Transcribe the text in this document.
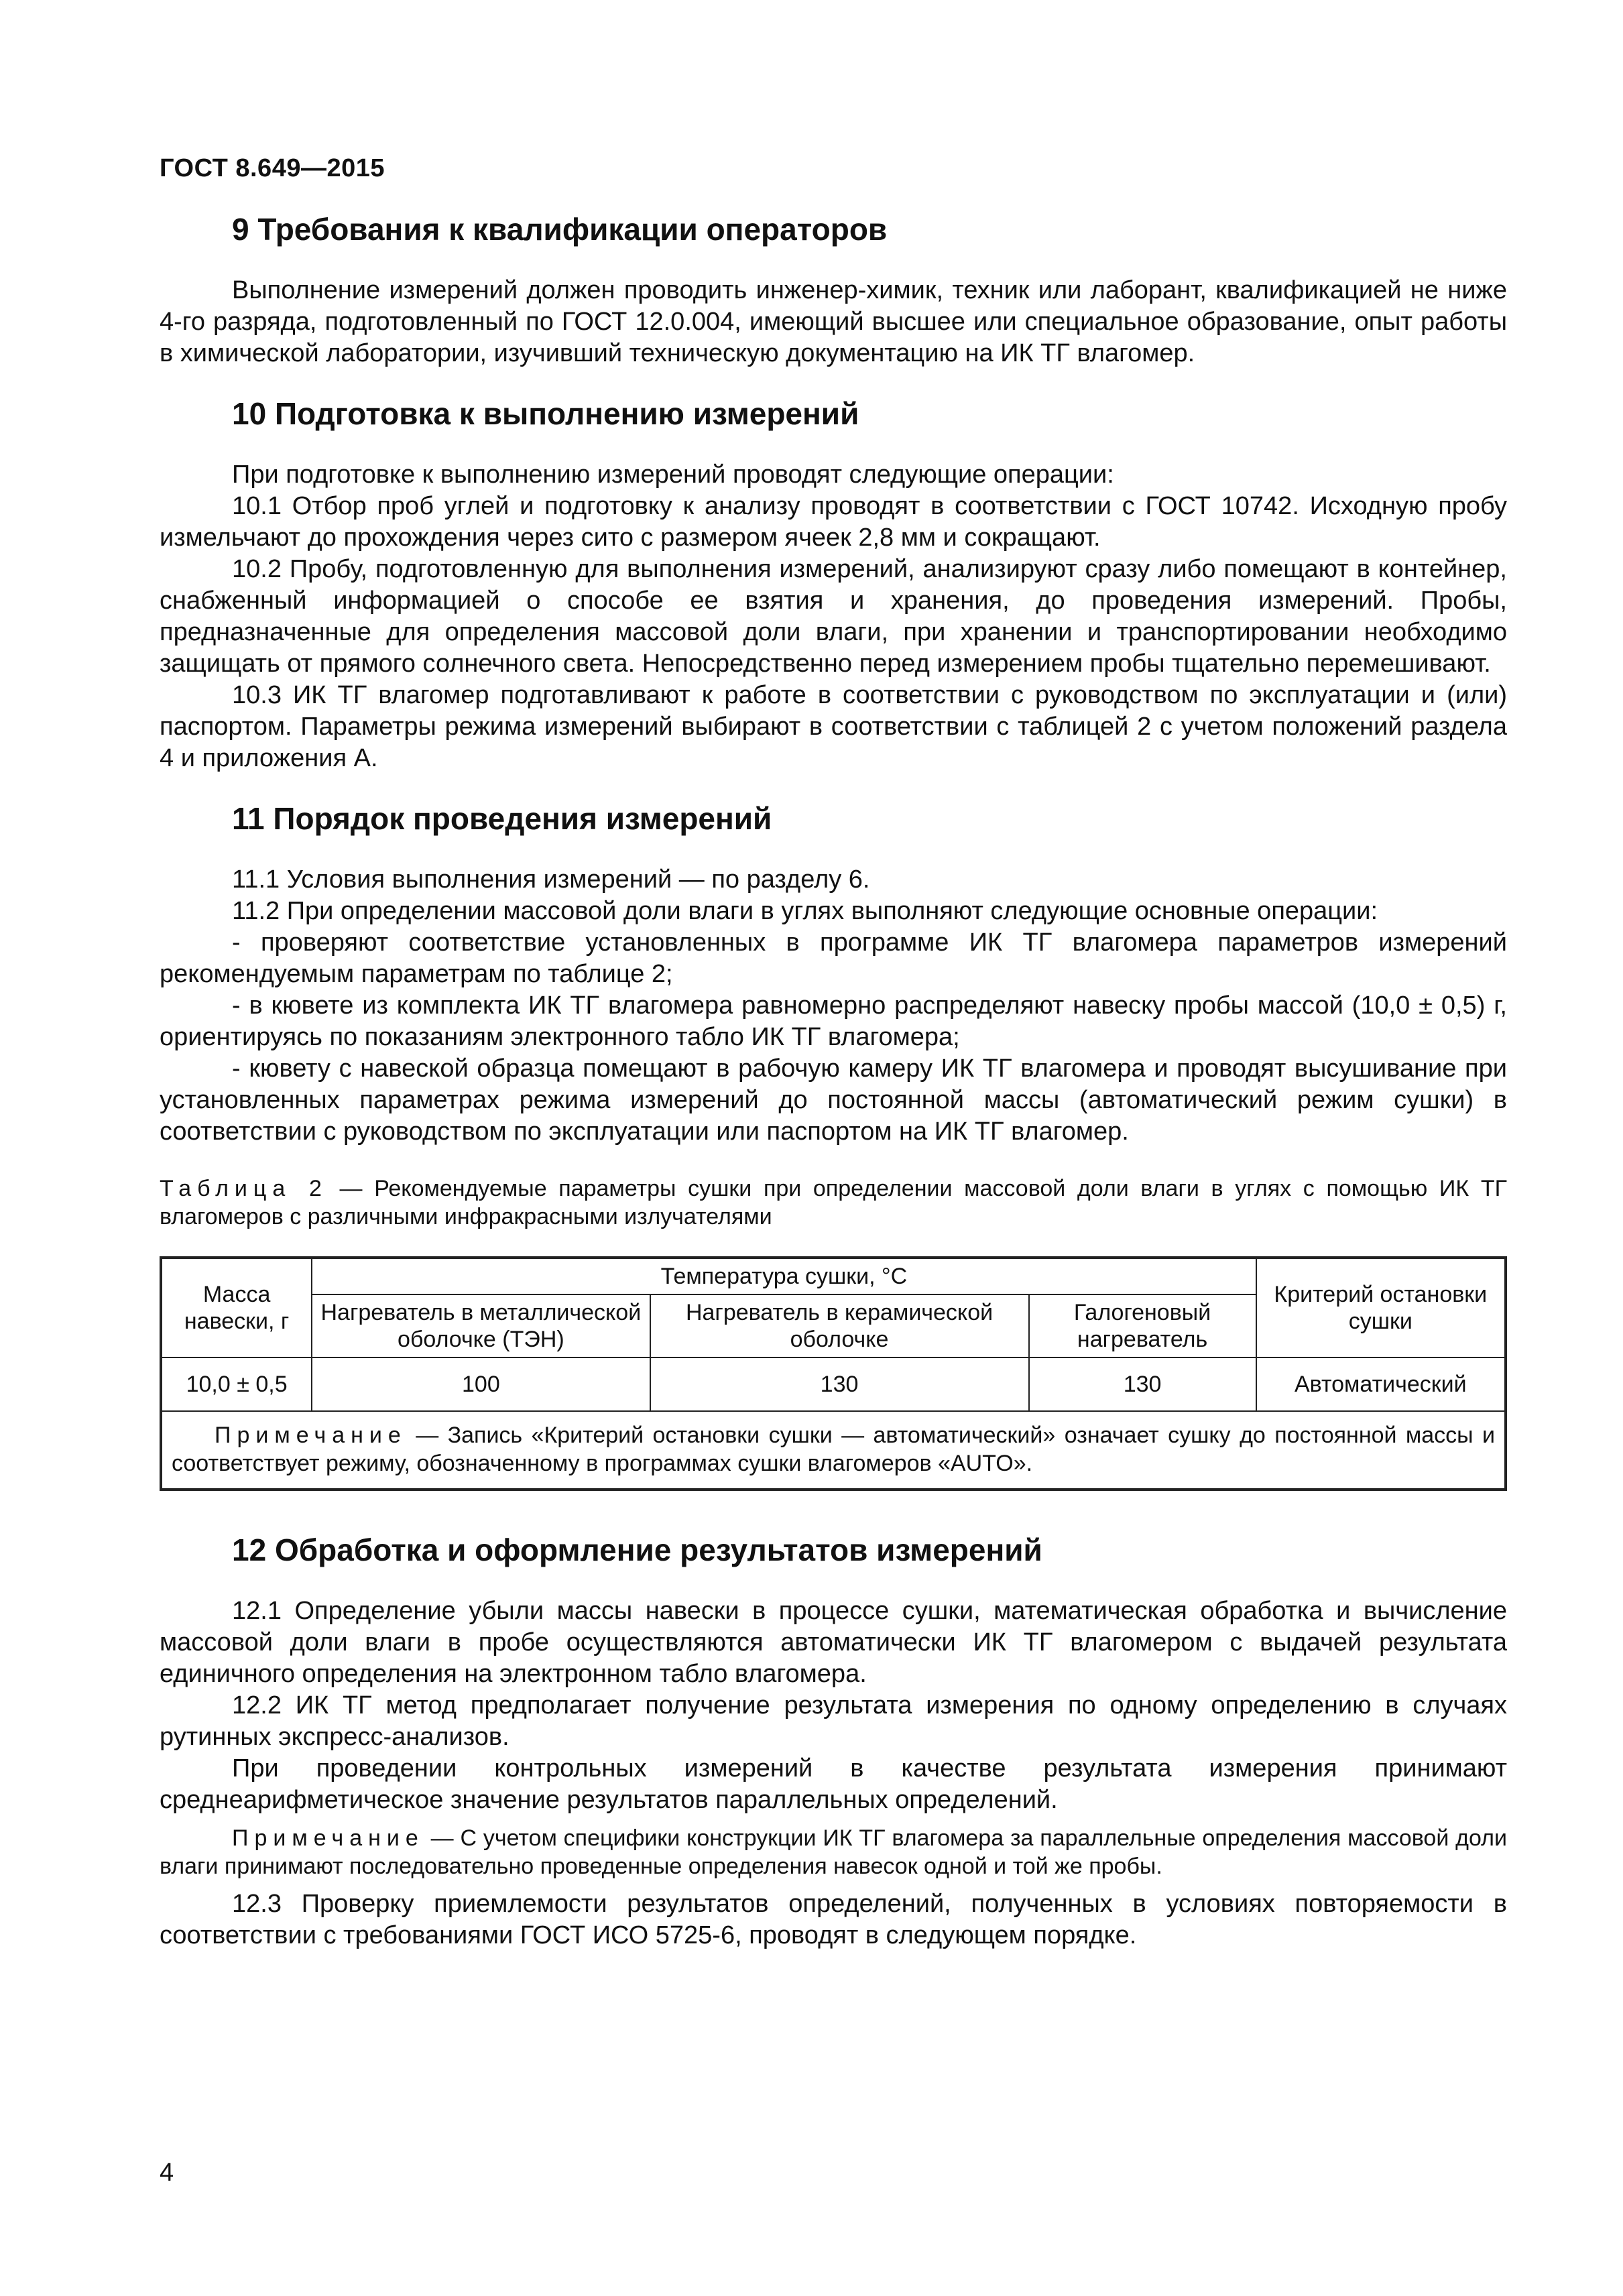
ГОСТ 8.649—2015
9 Требования к квалификации операторов

Выполнение измерений должен проводить инженер-химик, техник или лаборант, квалификацией не ниже 4-го разряда, подготовленный по ГОСТ 12.0.004, имеющий высшее или специальное образование, опыт работы в химической лаборатории, изучивший техническую документацию на ИК ТГ влагомер.

10 Подготовка к выполнению измерений

При подготовке к выполнению измерений проводят следующие операции:

10.1 Отбор проб углей и подготовку к анализу проводят в соответствии с ГОСТ 10742. Исходную пробу измельчают до прохождения через сито с размером ячеек 2,8 мм и сокращают.

10.2 Пробу, подготовленную для выполнения измерений, анализируют сразу либо помещают в контейнер, снабженный информацией о способе ее взятия и хранения, до проведения измерений. Пробы, предназначенные для определения массовой доли влаги, при хранении и транспортировании необходимо защищать от прямого солнечного света. Непосредственно перед измерением пробы тщательно перемешивают.

10.3 ИК ТГ влагомер подготавливают к работе в соответствии с руководством по эксплуатации и (или) паспортом. Параметры режима измерений выбирают в соответствии с таблицей 2 с учетом положений раздела 4 и приложения А.

11 Порядок проведения измерений

11.1 Условия выполнения измерений — по разделу 6.

11.2 При определении массовой доли влаги в углях выполняют следующие основные операции:

- проверяют соответствие установленных в программе ИК ТГ влагомера параметров измерений рекомендуемым параметрам по таблице 2;

- в кювете из комплекта ИК ТГ влагомера равномерно распределяют навеску пробы массой (10,0 ± 0,5) г, ориентируясь по показаниям электронного табло ИК ТГ влагомера;

- кювету с навеской образца помещают в рабочую камеру ИК ТГ влагомера и проводят высушивание при установленных параметрах режима измерений до постоянной массы (автоматический режим сушки) в соответствии с руководством по эксплуатации или паспортом на ИК ТГ влагомер.

Таблица 2 — Рекомендуемые параметры сушки при определении массовой доли влаги в углях с помощью ИК ТГ влагомеров с различными инфракрасными излучателями
Масса навески, г	Температура сушки, °С			Критерий остановки сушки
	Нагреватель в металлической оболочке (ТЭН)	Нагреватель в керамической оболочке	Галогеновый нагреватель	
10,0 ± 0,5	100	130	130	Автоматический
Примечание — Запись «Критерий остановки сушки — автоматический» означает сушку до постоянной массы и соответствует режиму, обозначенному в программах сушки влагомеров «AUTO».				
12 Обработка и оформление результатов измерений

12.1 Определение убыли массы навески в процессе сушки, математическая обработка и вычисление массовой доли влаги в пробе осуществляются автоматически ИК ТГ влагомером с выдачей результата единичного определения на электронном табло влагомера.

12.2 ИК ТГ метод предполагает получение результата измерения по одному определению в случаях рутинных экспресс-анализов.

При проведении контрольных измерений в качестве результата измерения принимают среднеарифметическое значение результатов параллельных определений.

Примечание — С учетом специфики конструкции ИК ТГ влагомера за параллельные определения массовой доли влаги принимают последовательно проведенные определения навесок одной и той же пробы.

12.3 Проверку приемлемости результатов определений, полученных в условиях повторяемости в соответствии с требованиями ГОСТ ИСО 5725-6, проводят в следующем порядке.

4
